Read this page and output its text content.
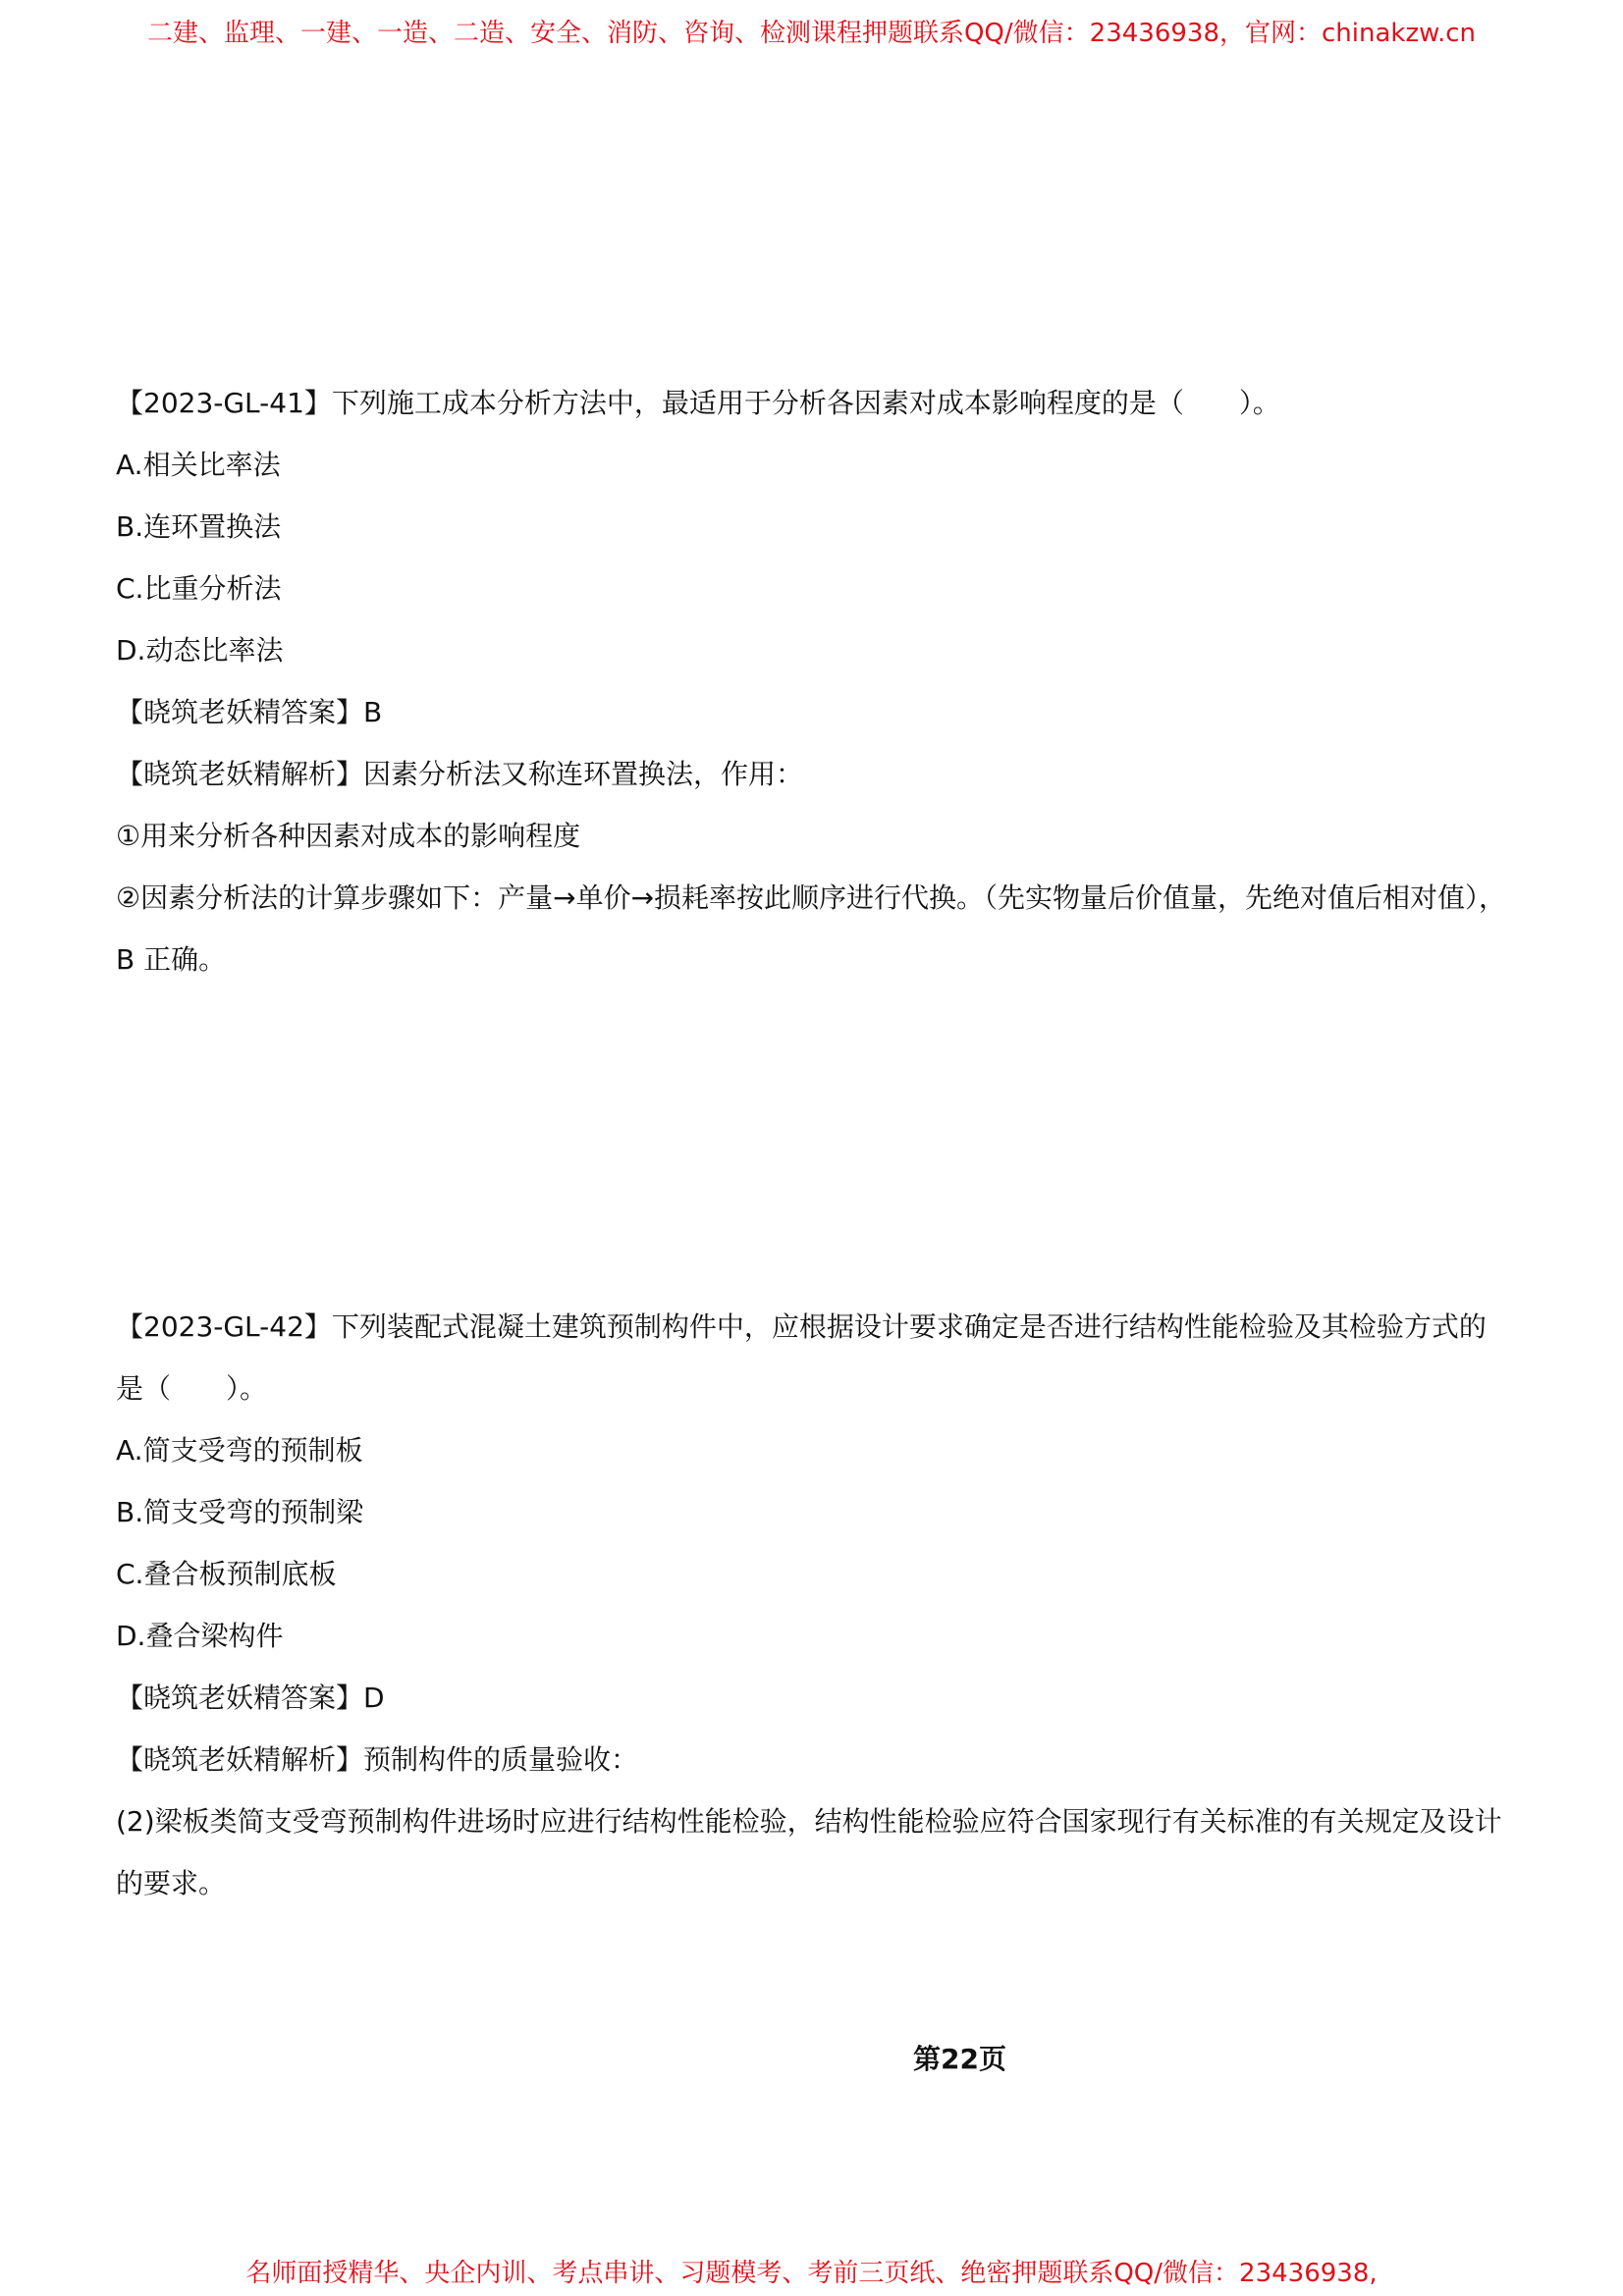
二建、监理、一建、一造、二造、安全、消防、咨询、检测课程押题联系QQ/微信：23436938，官网：chinakzw.cn
【2023-GL-41】下列施工成本分析方法中，最适用于分析各因素对成本影响程度的是（　　）。
A.相关比率法
B.连环置换法
C.比重分析法
D.动态比率法
【晓筑老妖精答案】B
【晓筑老妖精解析】因素分析法又称连环置换法，作用：
①用来分析各种因素对成本的影响程度
②因素分析法的计算步骤如下：产量→单价→损耗率按此顺序进行代换。（先实物量后价值量，先绝对值后相对值），B 正确。
【2023-GL-42】下列装配式混凝土建筑预制构件中，应根据设计要求确定是否进行结构性能检验及其检验方式的是（　　）。
A.简支受弯的预制板
B.简支受弯的预制梁
C.叠合板预制底板
D.叠合梁构件
【晓筑老妖精答案】D
【晓筑老妖精解析】预制构件的质量验收：
(2)梁板类简支受弯预制构件进场时应进行结构性能检验，结构性能检验应符合国家现行有关标准的有关规定及设计的要求。
第22页
名师面授精华、央企内训、考点串讲、习题模考、考前三页纸、绝密押题联系QQ/微信：23436938,
